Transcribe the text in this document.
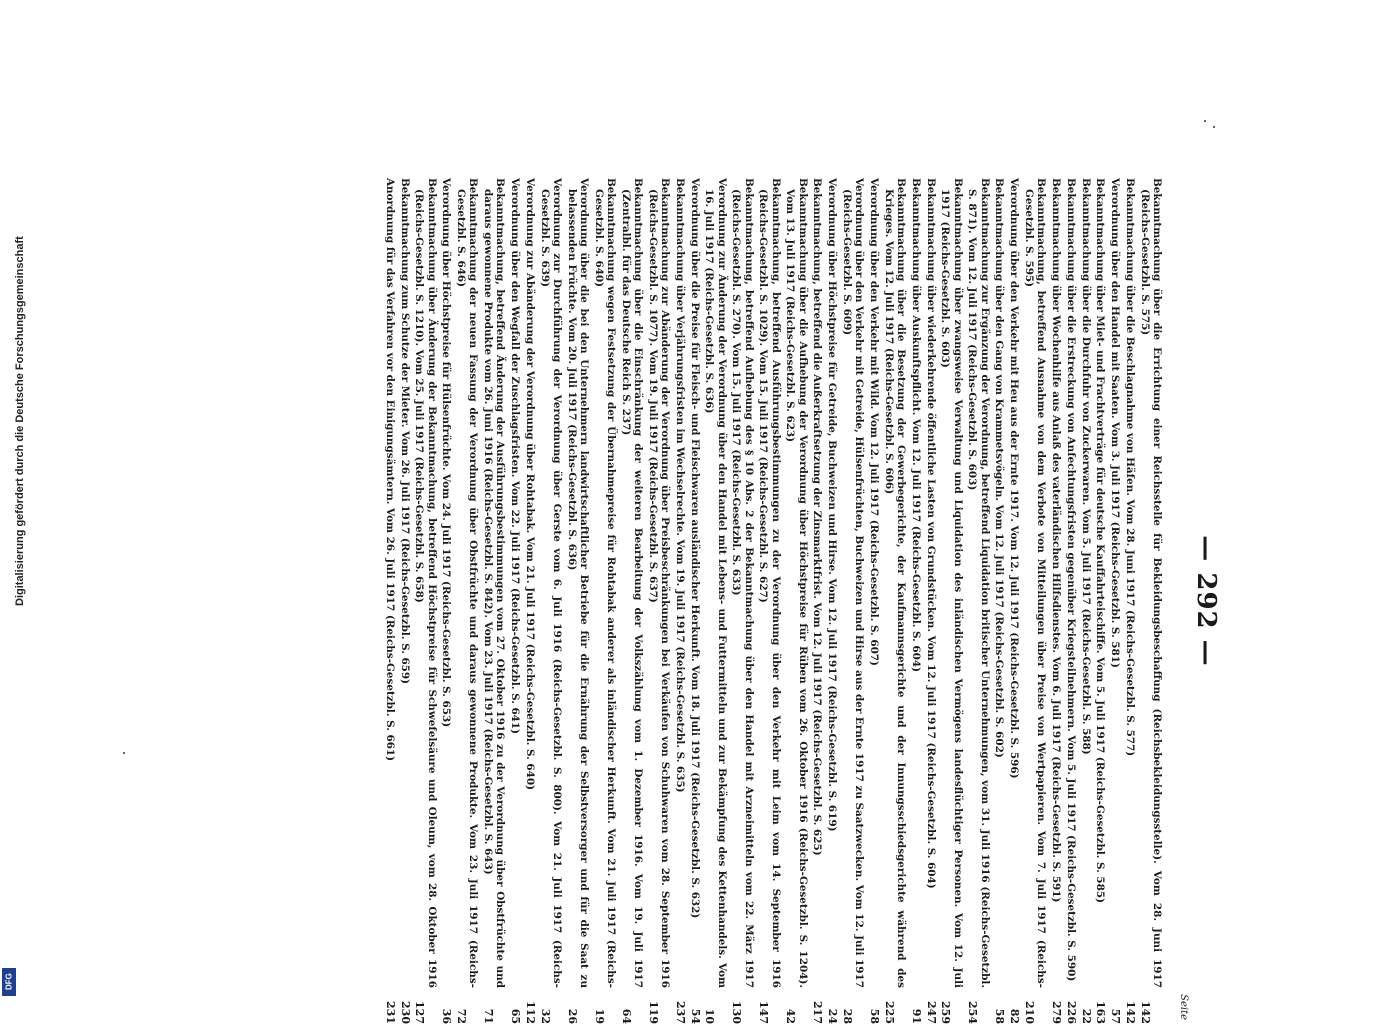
— 292 —
Seite
Bekanntmachung über die Errichtung einer Reichsstelle für Bekleidungsbeschaffung (Reichsbekleidungsstelle). Vom 28. Juni 1917 (Reichs-Gesetzbl. S. 575)
142
Bekanntmachung über die Beschlagnahme von Häfen. Vom 28. Juni 1917 (Reichs-Gesetzbl. S. 577)
142
Verordnung über den Handel mit Saaten. Vom 3. Juli 1917 (Reichs-Gesetzbl. S. 581)
57
Bekanntmachung über Miet- und Frachtverträge für deutsche Kauffahrteischiffe. Vom 5. Juli 1917 (Reichs-Gesetzbl. S. 585)
163
Bekanntmachung über die Durchfuhr von Zuckerwaren. Vom 5. Juli 1917 (Reichs-Gesetzbl. S. 588)
22
Bekanntmachung über die Erstreckung von Anfechtungsfristen gegenüber Kriegsteilnehmern. Vom 5. Juli 1917 (Reichs-Gesetzbl. S. 590)
226
Bekanntmachung über Wochenhilfe aus Anlaß des vaterländischen Hilfsdienstes. Vom 6. Juli 1917 (Reichs-Gesetzbl. S. 591)
279
Bekanntmachung, betreffend Ausnahme von dem Verbote von Mitteilungen über Preise von Wertpapieren. Vom 7. Juli 1917 (Reichs-Gesetzbl. S. 595)
210
Verordnung über den Verkehr mit Heu aus der Ernte 1917. Vom 12. Juli 1917 (Reichs-Gesetzbl. S. 596)
82
Bekanntmachung über den Gang von Krammetsvögeln. Vom 12. Juli 1917 (Reichs-Gesetzbl. S. 602)
58
Bekanntmachung zur Ergänzung der Verordnung, betreffend Liquidation britischer Unternehmungen, vom 31. Juli 1916 (Reichs-Gesetzbl. S. 871). Vom 12. Juli 1917 (Reichs-Gesetzbl. S. 603)
254
Bekanntmachung über zwangsweise Verwaltung und Liquidation des inländischen Vermögens landesflüchtiger Personen. Vom 12. Juli 1917 (Reichs-Gesetzbl. S. 603)
259
Bekanntmachung über wiederkehrende öffentliche Lasten von Grundstücken. Vom 12. Juli 1917 (Reichs-Gesetzbl. S. 604)
247
Bekanntmachung über Auskunftspflicht. Vom 12. Juli 1917 (Reichs-Gesetzbl. S. 604)
91
Bekanntmachung über die Besetzung der Gewerbegerichte, der Kaufmannsgerichte und der Innungsschiedsgerichte während des Krieges. Vom 12. Juli 1917 (Reichs-Gesetzbl. S. 606)
225
Verordnung über den Verkehr mit Wild. Vom 12. Juli 1917 (Reichs-Gesetzbl. S. 607)
58
Verordnung über den Verkehr mit Getreide, Hülsenfrüchten, Buchweizen und Hirse aus der Ernte 1917 zu Saatzwecken. Vom 12. Juli 1917 (Reichs-Gesetzbl. S. 609)
28
Verordnung über Höchstpreise für Getreide, Buchweizen und Hirse. Vom 12. Juli 1917 (Reichs-Gesetzbl. S. 619)
24
Bekanntmachung, betreffend die Außerkraftsetzung der Zinsmarktfrist. Vom 12. Juli 1917 (Reichs-Gesetzbl. S. 625)
217
Bekanntmachung über die Aufhebung der Verordnung über Höchstpreise für Rüben vom 26. Oktober 1916 (Reichs-Gesetzbl. S. 1204). Vom 13. Juli 1917 (Reichs-Gesetzbl. S. 623)
42
Bekanntmachung, betreffend Ausführungsbestimmungen zu der Verordnung über den Verkehr mit Leim vom 14. September 1916 (Reichs-Gesetzbl. S. 1029). Vom 15. Juli 1917 (Reichs-Gesetzbl. S. 627)
147
Bekanntmachung, betreffend Aufhebung des § 10 Abs. 2 der Bekanntmachung über den Handel mit Arzneimitteln vom 22. März 1917 (Reichs-Gesetzbl. S. 270). Vom 15. Juli 1917 (Reichs-Gesetzbl. S. 633)
130
Verordnung zur Änderung der Verordnung über den Handel mit Lebens- und Futtermitteln und zur Bekämpfung des Kettenhandels. Vom 16. Juli 1917 (Reichs-Gesetzbl. S. 636)
10
Verordnung über die Preise für Fleisch- und Fleischwaren ausländischer Herkunft. Vom 18. Juli 1917 (Reichs-Gesetzbl. S. 632)
54
Bekanntmachung über Verjährungsfristen im Wechselrechte. Vom 19. Juli 1917 (Reichs-Gesetzbl. S. 635)
237
Bekanntmachung zur Abänderung der Verordnung über Preisbeschränkungen bei Verkäufen von Schuhwaren vom 28. September 1916 (Reichs-Gesetzbl. S. 1077). Vom 19. Juli 1917 (Reichs-Gesetzbl. S. 637)
119
Bekanntmachung über die Einschränkung der weiteren Bearbeitung der Volkszählung vom 1. Dezember 1916. Vom 19. Juli 1917 (Zentralbl. für das Deutsche Reich S. 237)
64
Bekanntmachung wegen Festsetzung der Übernahmepreise für Rohtabak anderer als inländischer Herkunft. Vom 21. Juli 1917 (Reichs-Gesetzbl. S. 640)
19
Verordnung über die bei den Unternehmern landwirtschaftlicher Betriebe für die Ernährung der Selbstversorger und für die Saat zu belassenden Früchte. Vom 20. Juli 1917 (Reichs-Gesetzbl. S. 636)
26
Verordnung zur Durchführung der Verordnung über Gerste vom 6. Juli 1916 (Reichs-Gesetzbl. S. 800). Vom 21. Juli 1917 (Reichs-Gesetzbl. S. 639)
32
Verordnung zur Abänderung der Verordnung über Rohtabak. Vom 21. Juli 1917 (Reichs-Gesetzbl. S. 640)
112
Verordnung über den Wegfall der Zuschlagsfristen. Vom 22. Juli 1917 (Reichs-Gesetzbl. S. 641)
65
Bekanntmachung, betreffend Änderung der Ausführungsbestimmungen vom 27. Oktober 1916 zu der Verordnung über Obstfrüchte und daraus gewonnene Produkte vom 26. Juni 1916 (Reichs-Gesetzbl. S. 842). Vom 23. Juli 1917 (Reichs-Gesetzbl. S. 643)
71
Bekanntmachung der neuen Fassung der Verordnung über Obstfrüchte und daraus gewonnene Produkte. Vom 23. Juli 1917 (Reichs-Gesetzbl. S. 646)
72
Verordnung über Höchstpreise für Hülsenfrüchte. Vom 24. Juli 1917 (Reichs-Gesetzbl. S. 653)
36
Bekanntmachung über Änderung der Bekanntmachung, betreffend Höchstpreise für Schwefelsäure und Oleum, vom 28. Oktober 1916 (Reichs-Gesetzbl. S. 1210). Vom 25. Juli 1917 (Reichs-Gesetzbl. S. 658)
127
Bekanntmachung zum Schutze der Mieter. Vom 26. Juli 1917 (Reichs-Gesetzbl. S. 659)
230
Anordnung für das Verfahren vor den Einigungsämtern. Vom 26. Juli 1917 (Reichs-Gesetzbl. S. 661)
231
Digitalisierung gefördert durch die Deutsche Forschungsgemeinschaft
DFG
